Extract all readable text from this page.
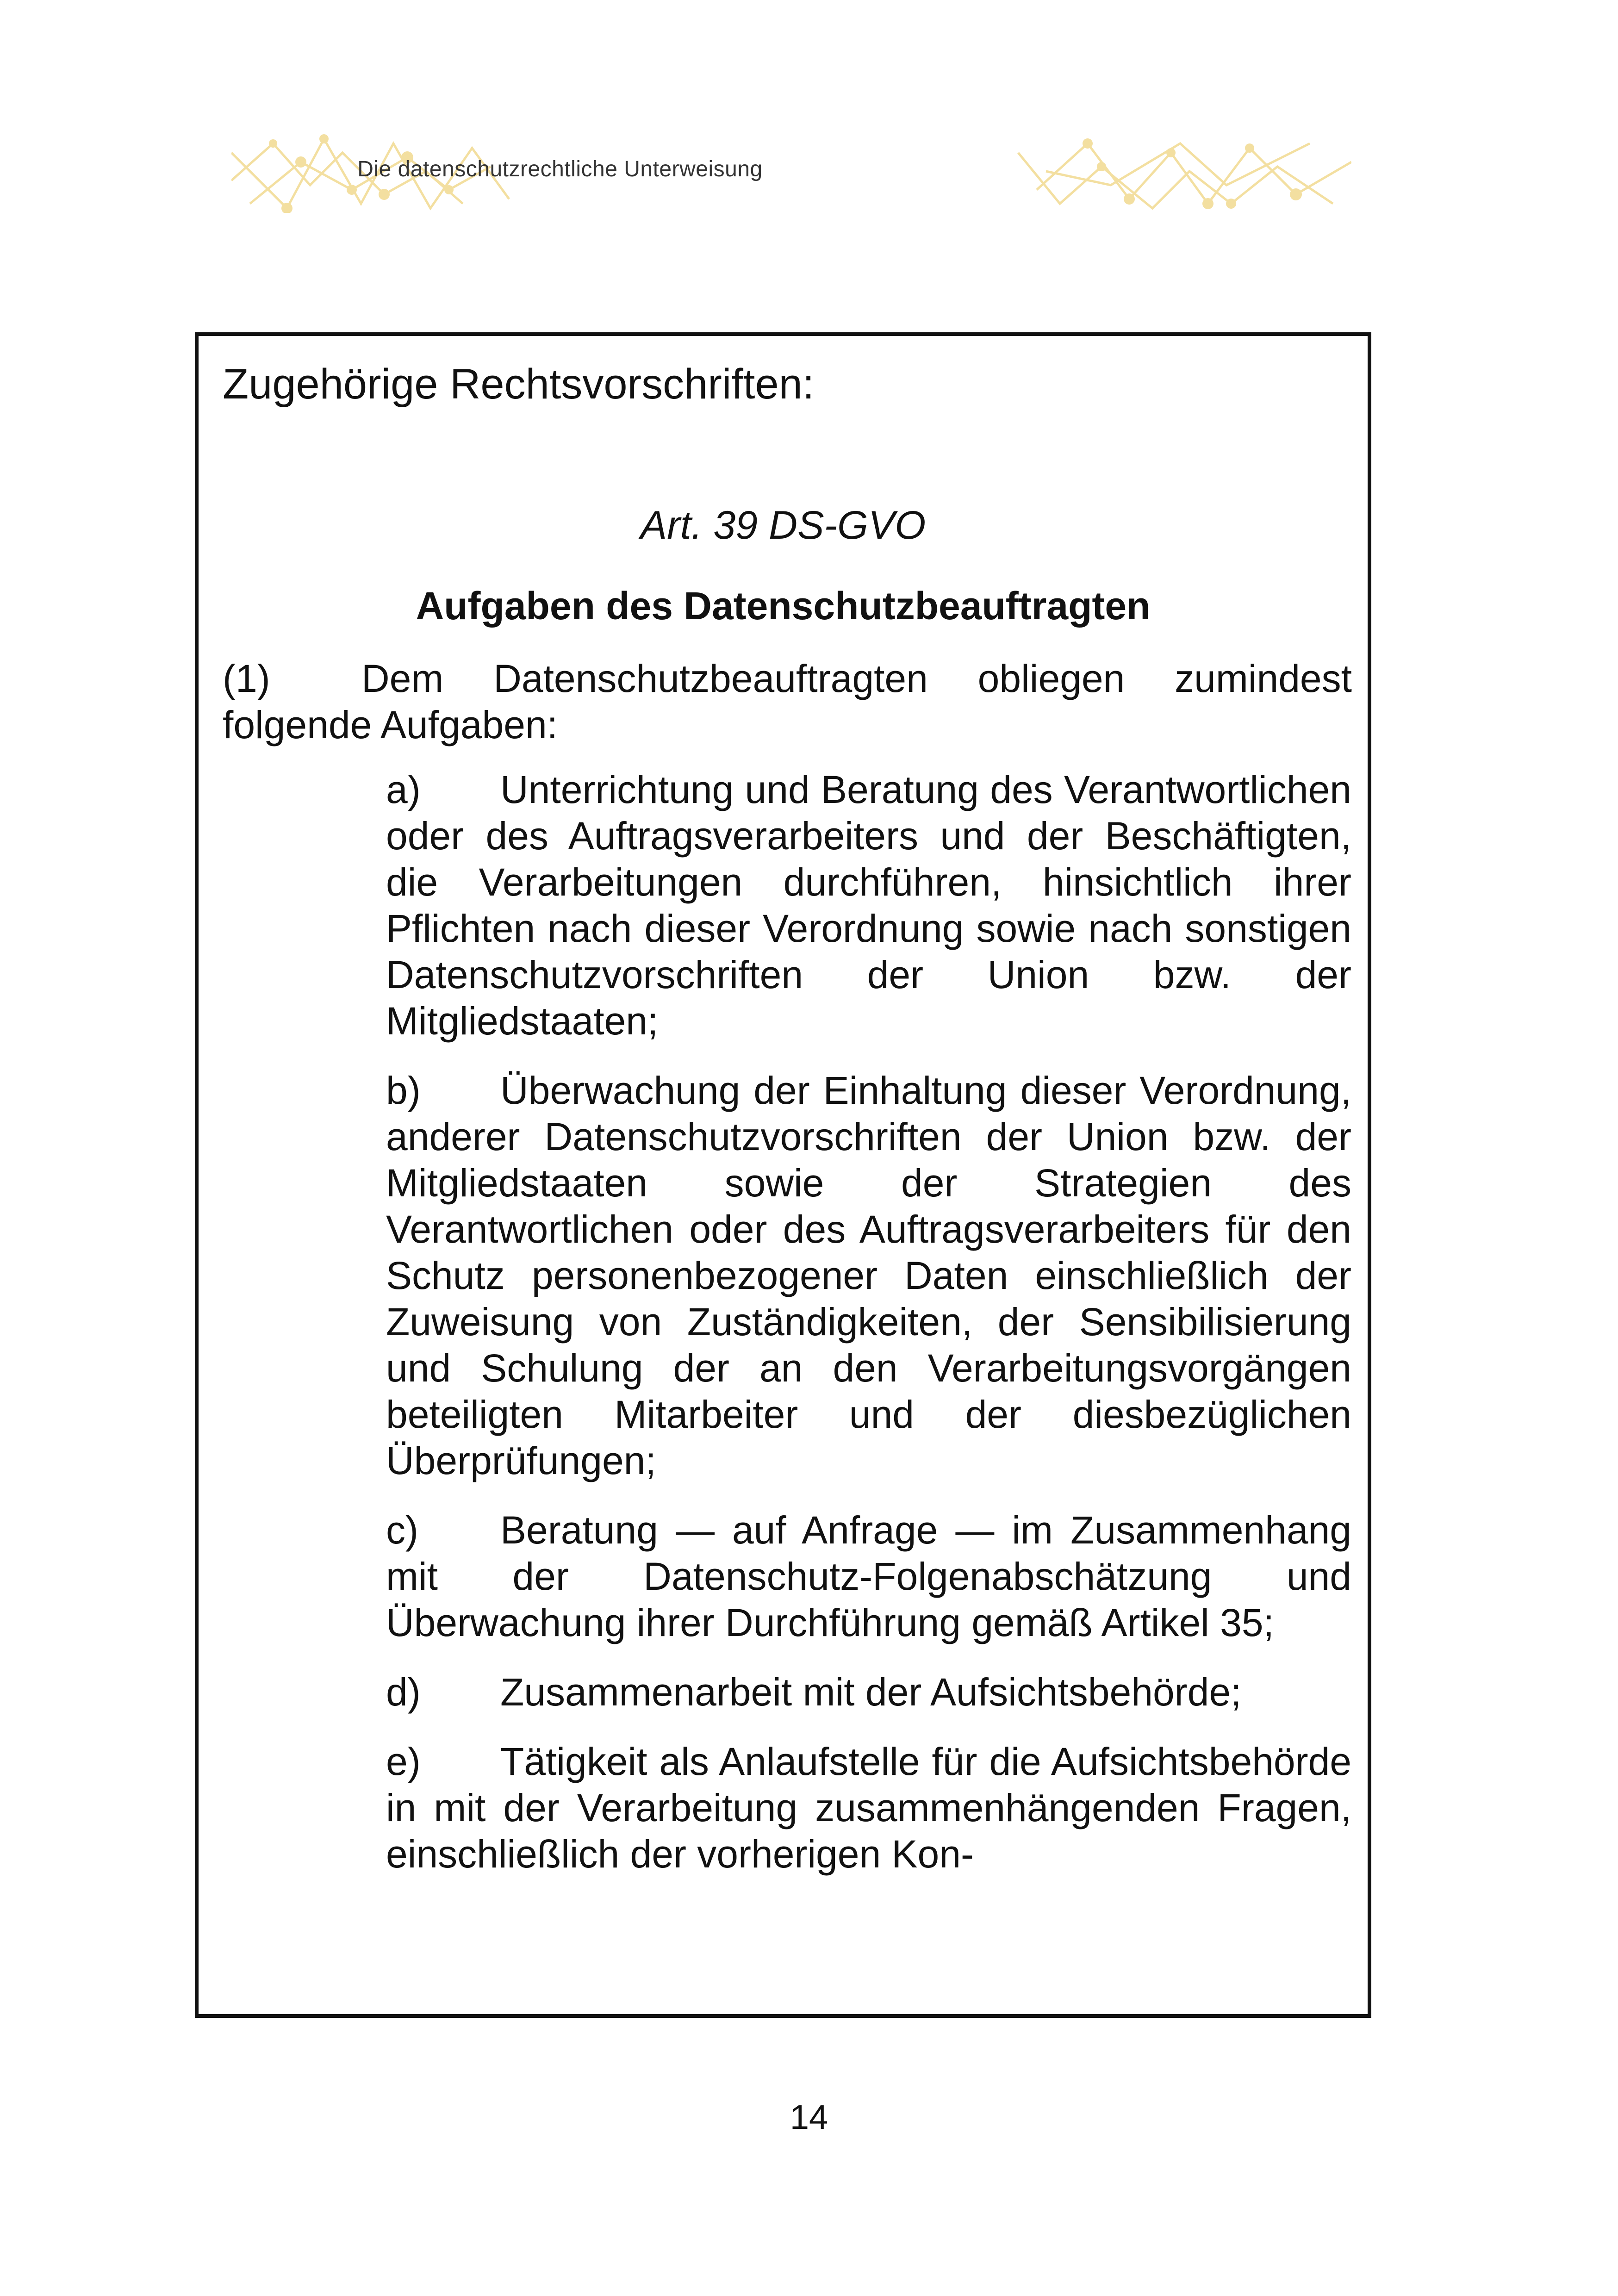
Die datenschutzrechtliche Unterweisung
Zugehörige Rechtsvorschriften:
Art. 39 DS-GVO
Aufgaben des Datenschutzbeauftragten
(1) Dem Datenschutzbeauftragten obliegen zumindest folgende Aufgaben:
a) Unterrichtung und Beratung des Verantwortlichen oder des Auftragsverarbeiters und der Beschäftigten, die Verarbeitungen durchführen, hinsichtlich ihrer Pflichten nach dieser Verordnung sowie nach sonstigen Datenschutzvorschriften der Union bzw. der Mitgliedstaaten;
b) Überwachung der Einhaltung dieser Verordnung, anderer Datenschutzvorschriften der Union bzw. der Mitgliedstaaten sowie der Strategien des Verantwortlichen oder des Auftragsverarbeiters für den Schutz personenbezogener Daten einschließlich der Zuweisung von Zuständigkeiten, der Sensibilisierung und Schulung der an den Verarbeitungsvorgängen beteiligten Mitarbeiter und der diesbezüglichen Überprüfungen;
c) Beratung — auf Anfrage — im Zusammenhang mit der Datenschutz-Folgenabschätzung und Überwachung ihrer Durchführung gemäß Artikel 35;
d) Zusammenarbeit mit der Aufsichtsbehörde;
e) Tätigkeit als Anlaufstelle für die Aufsichtsbehörde in mit der Verarbeitung zusammenhängenden Fragen, einschließlich der vorherigen Kon-
14
